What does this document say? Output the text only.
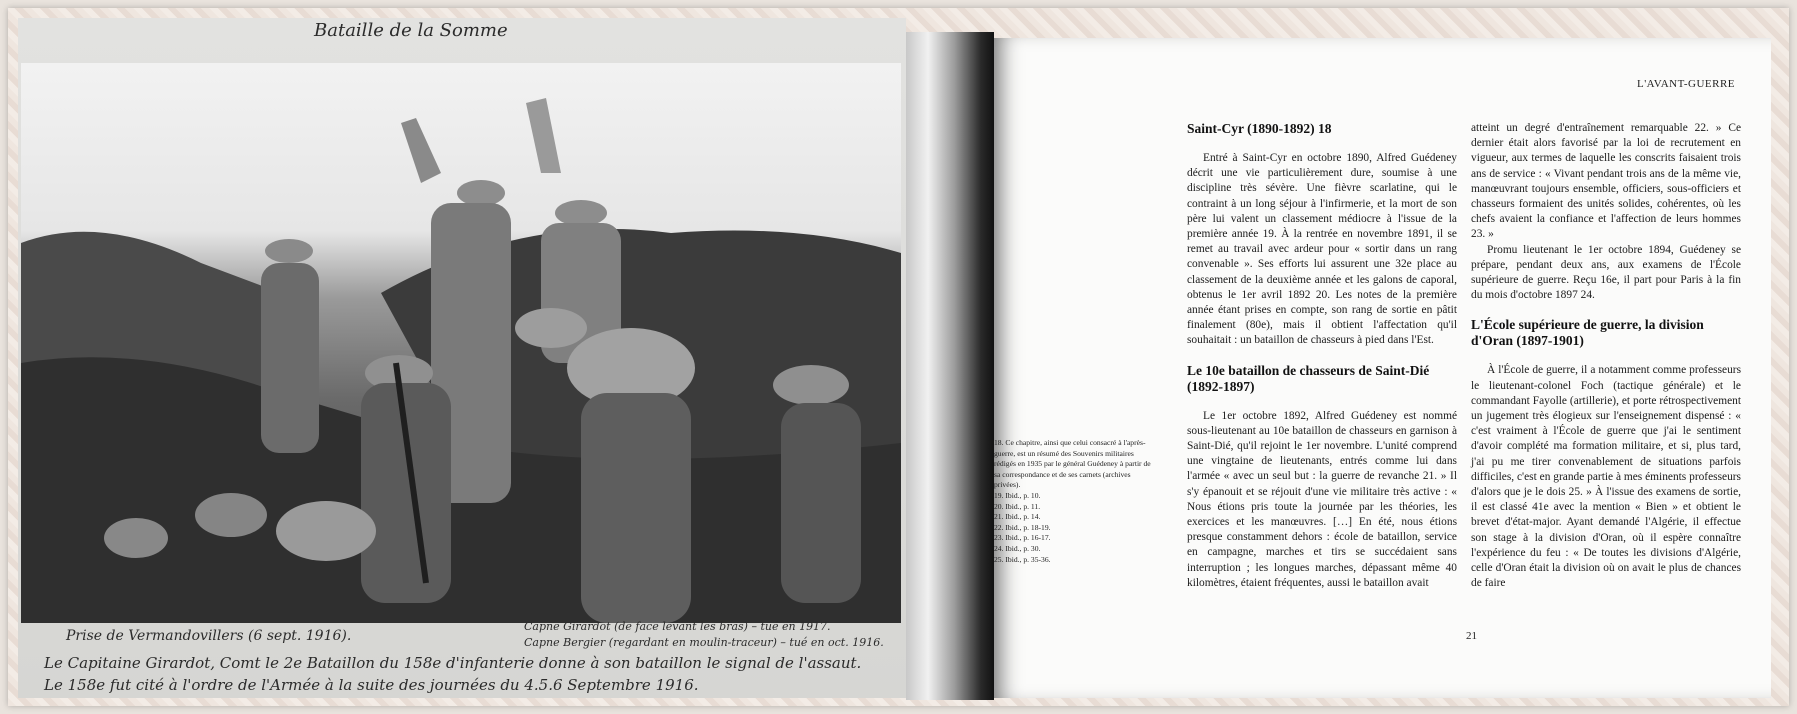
Bataille de la Somme
Prise de Vermandovillers (6 sept. 1916).
Capne Girardot (de face levant les bras) – tué en 1917.
Capne Bergier (regardant en moulin-traceur) – tué en oct. 1916.
Le Capitaine Girardot, Comt le 2e Bataillon du 158e d'infanterie donne à son bataillon le signal de l'assaut.
Le 158e fut cité à l'ordre de l'Armée à la suite des journées du 4.5.6 Septembre 1916.
L'AVANT-GUERRE
Saint-Cyr (1890-1892) 18

Entré à Saint-Cyr en octobre 1890, Alfred Guédeney décrit une vie particulièrement dure, soumise à une discipline très sévère. Une fièvre scarlatine, qui le contraint à un long séjour à l'infirmerie, et la mort de son père lui valent un classement médiocre à l'issue de la première année 19. À la rentrée en novembre 1891, il se remet au travail avec ardeur pour « sortir dans un rang convenable ». Ses efforts lui assurent une 32e place au classement de la deuxième année et les galons de caporal, obtenus le 1er avril 1892 20. Les notes de la première année étant prises en compte, son rang de sortie en pâtit finalement (80e), mais il obtient l'affectation qu'il souhaitait : un bataillon de chasseurs à pied dans l'Est.

Le 10e bataillon de chasseurs de Saint-Dié (1892-1897)

Le 1er octobre 1892, Alfred Guédeney est nommé sous-lieutenant au 10e bataillon de chasseurs en garnison à Saint-Dié, qu'il rejoint le 1er novembre. L'unité comprend une vingtaine de lieutenants, entrés comme lui dans l'armée « avec un seul but : la guerre de revanche 21. » Il s'y épanouit et se réjouit d'une vie militaire très active : « Nous étions pris toute la journée par les théories, les exercices et les manœuvres. […] En été, nous étions presque constamment dehors : école de bataillon, service en campagne, marches et tirs se succédaient sans interruption ; les longues marches, dépassant même 40 kilomètres, étaient fréquentes, aussi le bataillon avait

atteint un degré d'entraînement remarquable 22. » Ce dernier était alors favorisé par la loi de recrutement en vigueur, aux termes de laquelle les conscrits faisaient trois ans de service : « Vivant pendant trois ans de la même vie, manœuvrant toujours ensemble, officiers, sous-officiers et chasseurs formaient des unités solides, cohérentes, où les chefs avaient la confiance et l'affection de leurs hommes 23. »

Promu lieutenant le 1er octobre 1894, Guédeney se prépare, pendant deux ans, aux examens de l'École supérieure de guerre. Reçu 16e, il part pour Paris à la fin du mois d'octobre 1897 24.

L'École supérieure de guerre, la division d'Oran (1897-1901)

À l'École de guerre, il a notamment comme professeurs le lieutenant-colonel Foch (tactique générale) et le commandant Fayolle (artillerie), et porte rétrospectivement un jugement très élogieux sur l'enseignement dispensé : « c'est vraiment à l'École de guerre que j'ai le sentiment d'avoir complété ma formation militaire, et si, plus tard, j'ai pu me tirer convenablement de situations parfois difficiles, c'est en grande partie à mes éminents professeurs d'alors que je le dois 25. » À l'issue des examens de sortie, il est classé 41e avec la mention « Bien » et obtient le brevet d'état-major. Ayant demandé l'Algérie, il effectue son stage à la division d'Oran, où il espère connaître l'expérience du feu : « De toutes les divisions d'Algérie, celle d'Oran était la division où on avait le plus de chances de faire

18. Ce chapitre, ainsi que celui consacré à l'après-
guerre, est un résumé des Souvenirs militaires
rédigés en 1935 par le général Guédeney à partir de
sa correspondance et de ses carnets (archives
privées).
19. Ibid., p. 10.
20. Ibid., p. 11.
21. Ibid., p. 14.
22. Ibid., p. 18-19.
23. Ibid., p. 16-17.
24. Ibid., p. 30.
25. Ibid., p. 35-36.
21
